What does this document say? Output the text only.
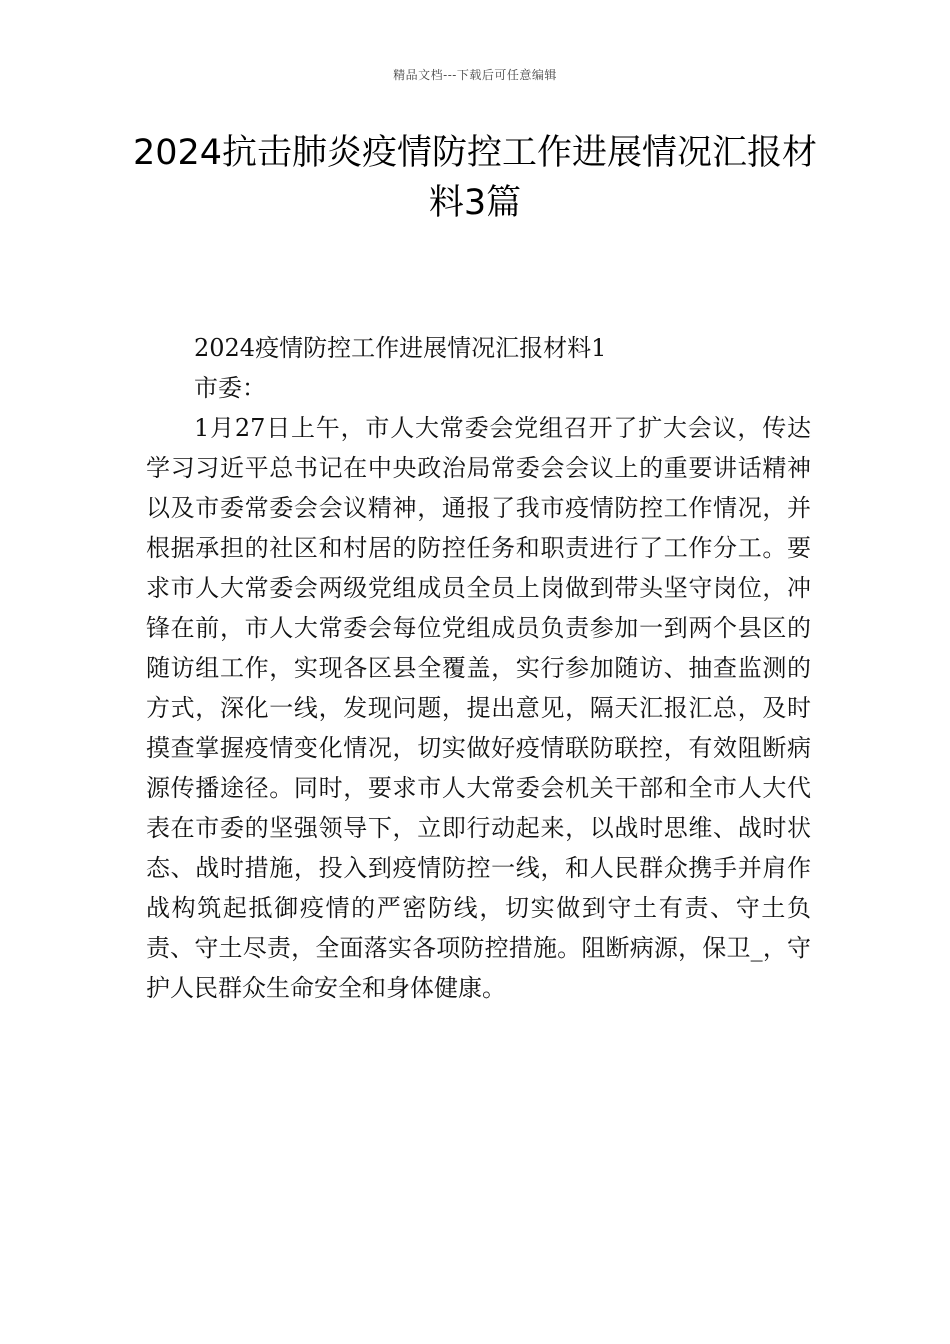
精品文档---下载后可任意编辑
2024抗击肺炎疫情防控工作进展情况汇报材料3篇

2024疫情防控工作进展情况汇报材料1

市委：

1月27日上午，市人大常委会党组召开了扩大会议，传达学习习近平总书记在中央政治局常委会会议上的重要讲话精神以及市委常委会会议精神，通报了我市疫情防控工作情况，并根据承担的社区和村居的防控任务和职责进行了工作分工。要求市人大常委会两级党组成员全员上岗做到带头坚守岗位，冲锋在前，市人大常委会每位党组成员负责参加一到两个县区的随访组工作，实现各区县全覆盖，实行参加随访、抽查监测的方式，深化一线，发现问题，提出意见，隔天汇报汇总，及时摸查掌握疫情变化情况，切实做好疫情联防联控，有效阻断病源传播途径。同时，要求市人大常委会机关干部和全市人大代表在市委的坚强领导下，立即行动起来，以战时思维、战时状态、战时措施，投入到疫情防控一线，和人民群众携手并肩作战构筑起抵御疫情的严密防线，切实做到守土有责、守土负责、守土尽责，全面落实各项防控措施。阻断病源，保卫_，守护人民群众生命安全和身体健康。
